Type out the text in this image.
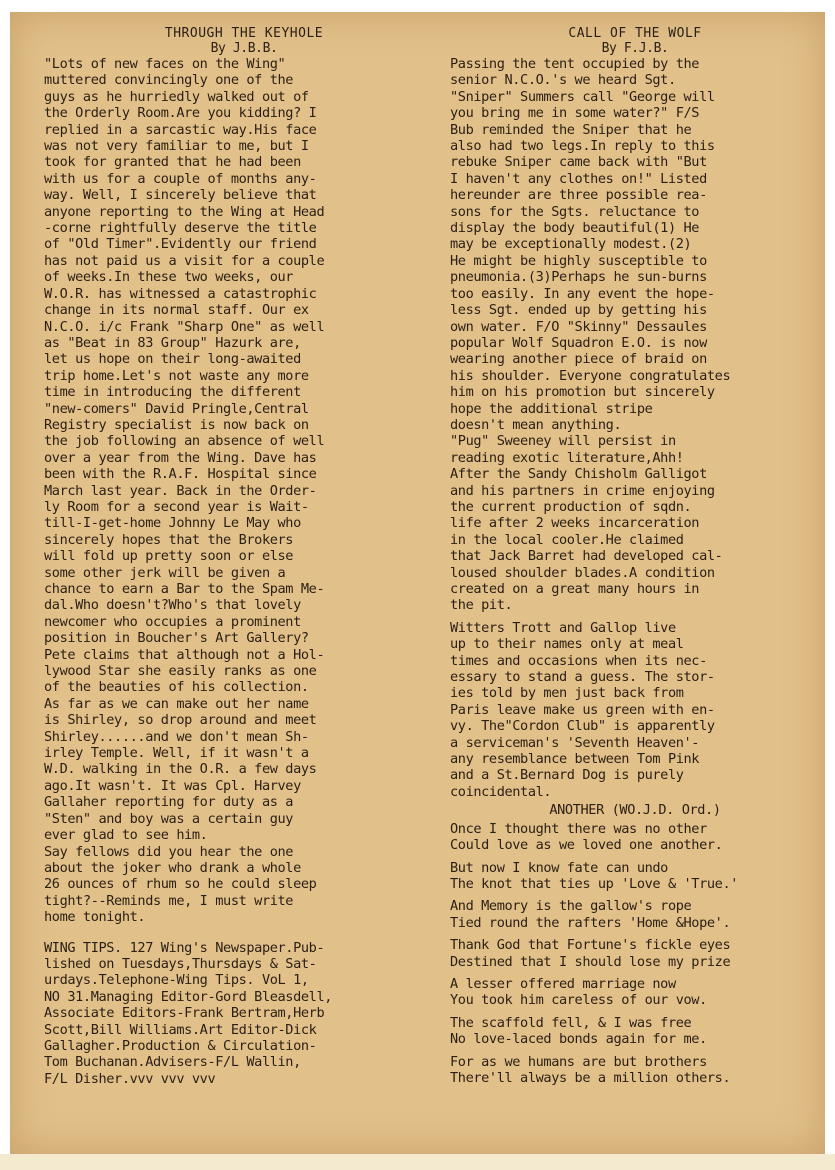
THROUGH THE KEYHOLE

By J.B.B.

"Lots of new faces on the Wing"
muttered convincingly one of the
guys as he hurriedly walked out of
the Orderly Room.Are you kidding? I
replied in a sarcastic way.His face
was not very familiar to me, but I
took for granted that he had been
with us for a couple of months any-
way. Well, I sincerely believe that
anyone reporting to the Wing at Head
-corne rightfully deserve the title
of "Old Timer".Evidently our friend
has not paid us a visit for a couple
of weeks.In these two weeks, our
W.O.R. has witnessed a catastrophic
change in its normal staff. Our ex
N.C.O. i/c Frank "Sharp One" as well
as "Beat in 83 Group" Hazurk are,
let us hope on their long-awaited
trip home.Let's not waste any more
time in introducing the different
"new-comers" David Pringle,Central
Registry specialist is now back on
the job following an absence of well
over a year from the Wing. Dave has
been with the R.A.F. Hospital since
March last year. Back in the Order-
ly Room for a second year is Wait-
till-I-get-home Johnny Le May who
sincerely hopes that the Brokers
will fold up pretty soon or else
some other jerk will be given a
chance to earn a Bar to the Spam Me-
dal.Who doesn't?Who's that lovely
newcomer who occupies a prominent
position in Boucher's Art Gallery?
Pete claims that although not a Hol-
lywood Star she easily ranks as one
of the beauties of his collection.
As far as we can make out her name
is Shirley, so drop around and meet
Shirley......and we don't mean Sh-
irley Temple. Well, if it wasn't a
W.D. walking in the O.R. a few days
ago.It wasn't. It was Cpl. Harvey
Gallaher reporting for duty as a
"Sten" and boy was a certain guy
ever glad to see him.

Say fellows did you hear the one
about the joker who drank a whole
26 ounces of rhum so he could sleep
tight?--Reminds me, I must write
home tonight.

WING TIPS. 127 Wing's Newspaper.Pub-
lished on Tuesdays,Thursdays & Sat-
urdays.Telephone-Wing Tips. VoL 1,
NO 31.Managing Editor-Gord Bleasdell,
Associate Editors-Frank Bertram,Herb
Scott,Bill Williams.Art Editor-Dick
Gallagher.Production & Circulation-
Tom Buchanan.Advisers-F/L Wallin,
F/L Disher.vvv vvv vvv

CALL OF THE WOLF

By F.J.B.

Passing the tent occupied by the
senior N.C.O.'s we heard Sgt.
"Sniper" Summers call "George will
you bring me in some water?" F/S
Bub reminded the Sniper that he
also had two legs.In reply to this
rebuke Sniper came back with "But
I haven't any clothes on!" Listed
hereunder are three possible rea-
sons for the Sgts. reluctance to
display the body beautiful(1) He
may be exceptionally modest.(2)
He might be highly susceptible to
pneumonia.(3)Perhaps he sun-burns
too easily. In any event the hope-
less Sgt. ended up by getting his
own water. F/O "Skinny" Dessaules
popular Wolf Squadron E.O. is now
wearing another piece of braid on
his shoulder. Everyone congratulates
him on his promotion but sincerely
hope the additional stripe
doesn't mean anything.
"Pug" Sweeney will persist in
reading exotic literature,Ahh!
After the Sandy Chisholm Galligot
and his partners in crime enjoying
the current production of sqdn.
life after 2 weeks incarceration
in the local cooler.He claimed
that Jack Barret had developed cal-
loused shoulder blades.A condition
created on a great many hours in
the pit.

Witters Trott and Gallop live
up to their names only at meal
times and occasions when its nec-
essary to stand a guess. The stor-
ies told by men just back from
Paris leave make us green with en-
vy. The"Cordon Club" is apparently
a serviceman's 'Seventh Heaven'-
any resemblance between Tom Pink
and a St.Bernard Dog is purely
coincidental.

ANOTHER (WO.J.D. Ord.)

Once I thought there was no other
Could love as we loved one another.

But now I know fate can undo
The knot that ties up 'Love & 'True.'

And Memory is the gallow's rope
Tied round the rafters 'Home &Hope'.

Thank God that Fortune's fickle eyes
Destined that I should lose my prize

A lesser offered marriage now
You took him careless of our vow.

The scaffold fell, & I was free
No love-laced bonds again for me.

For as we humans are but brothers
There'll always be a million others.
